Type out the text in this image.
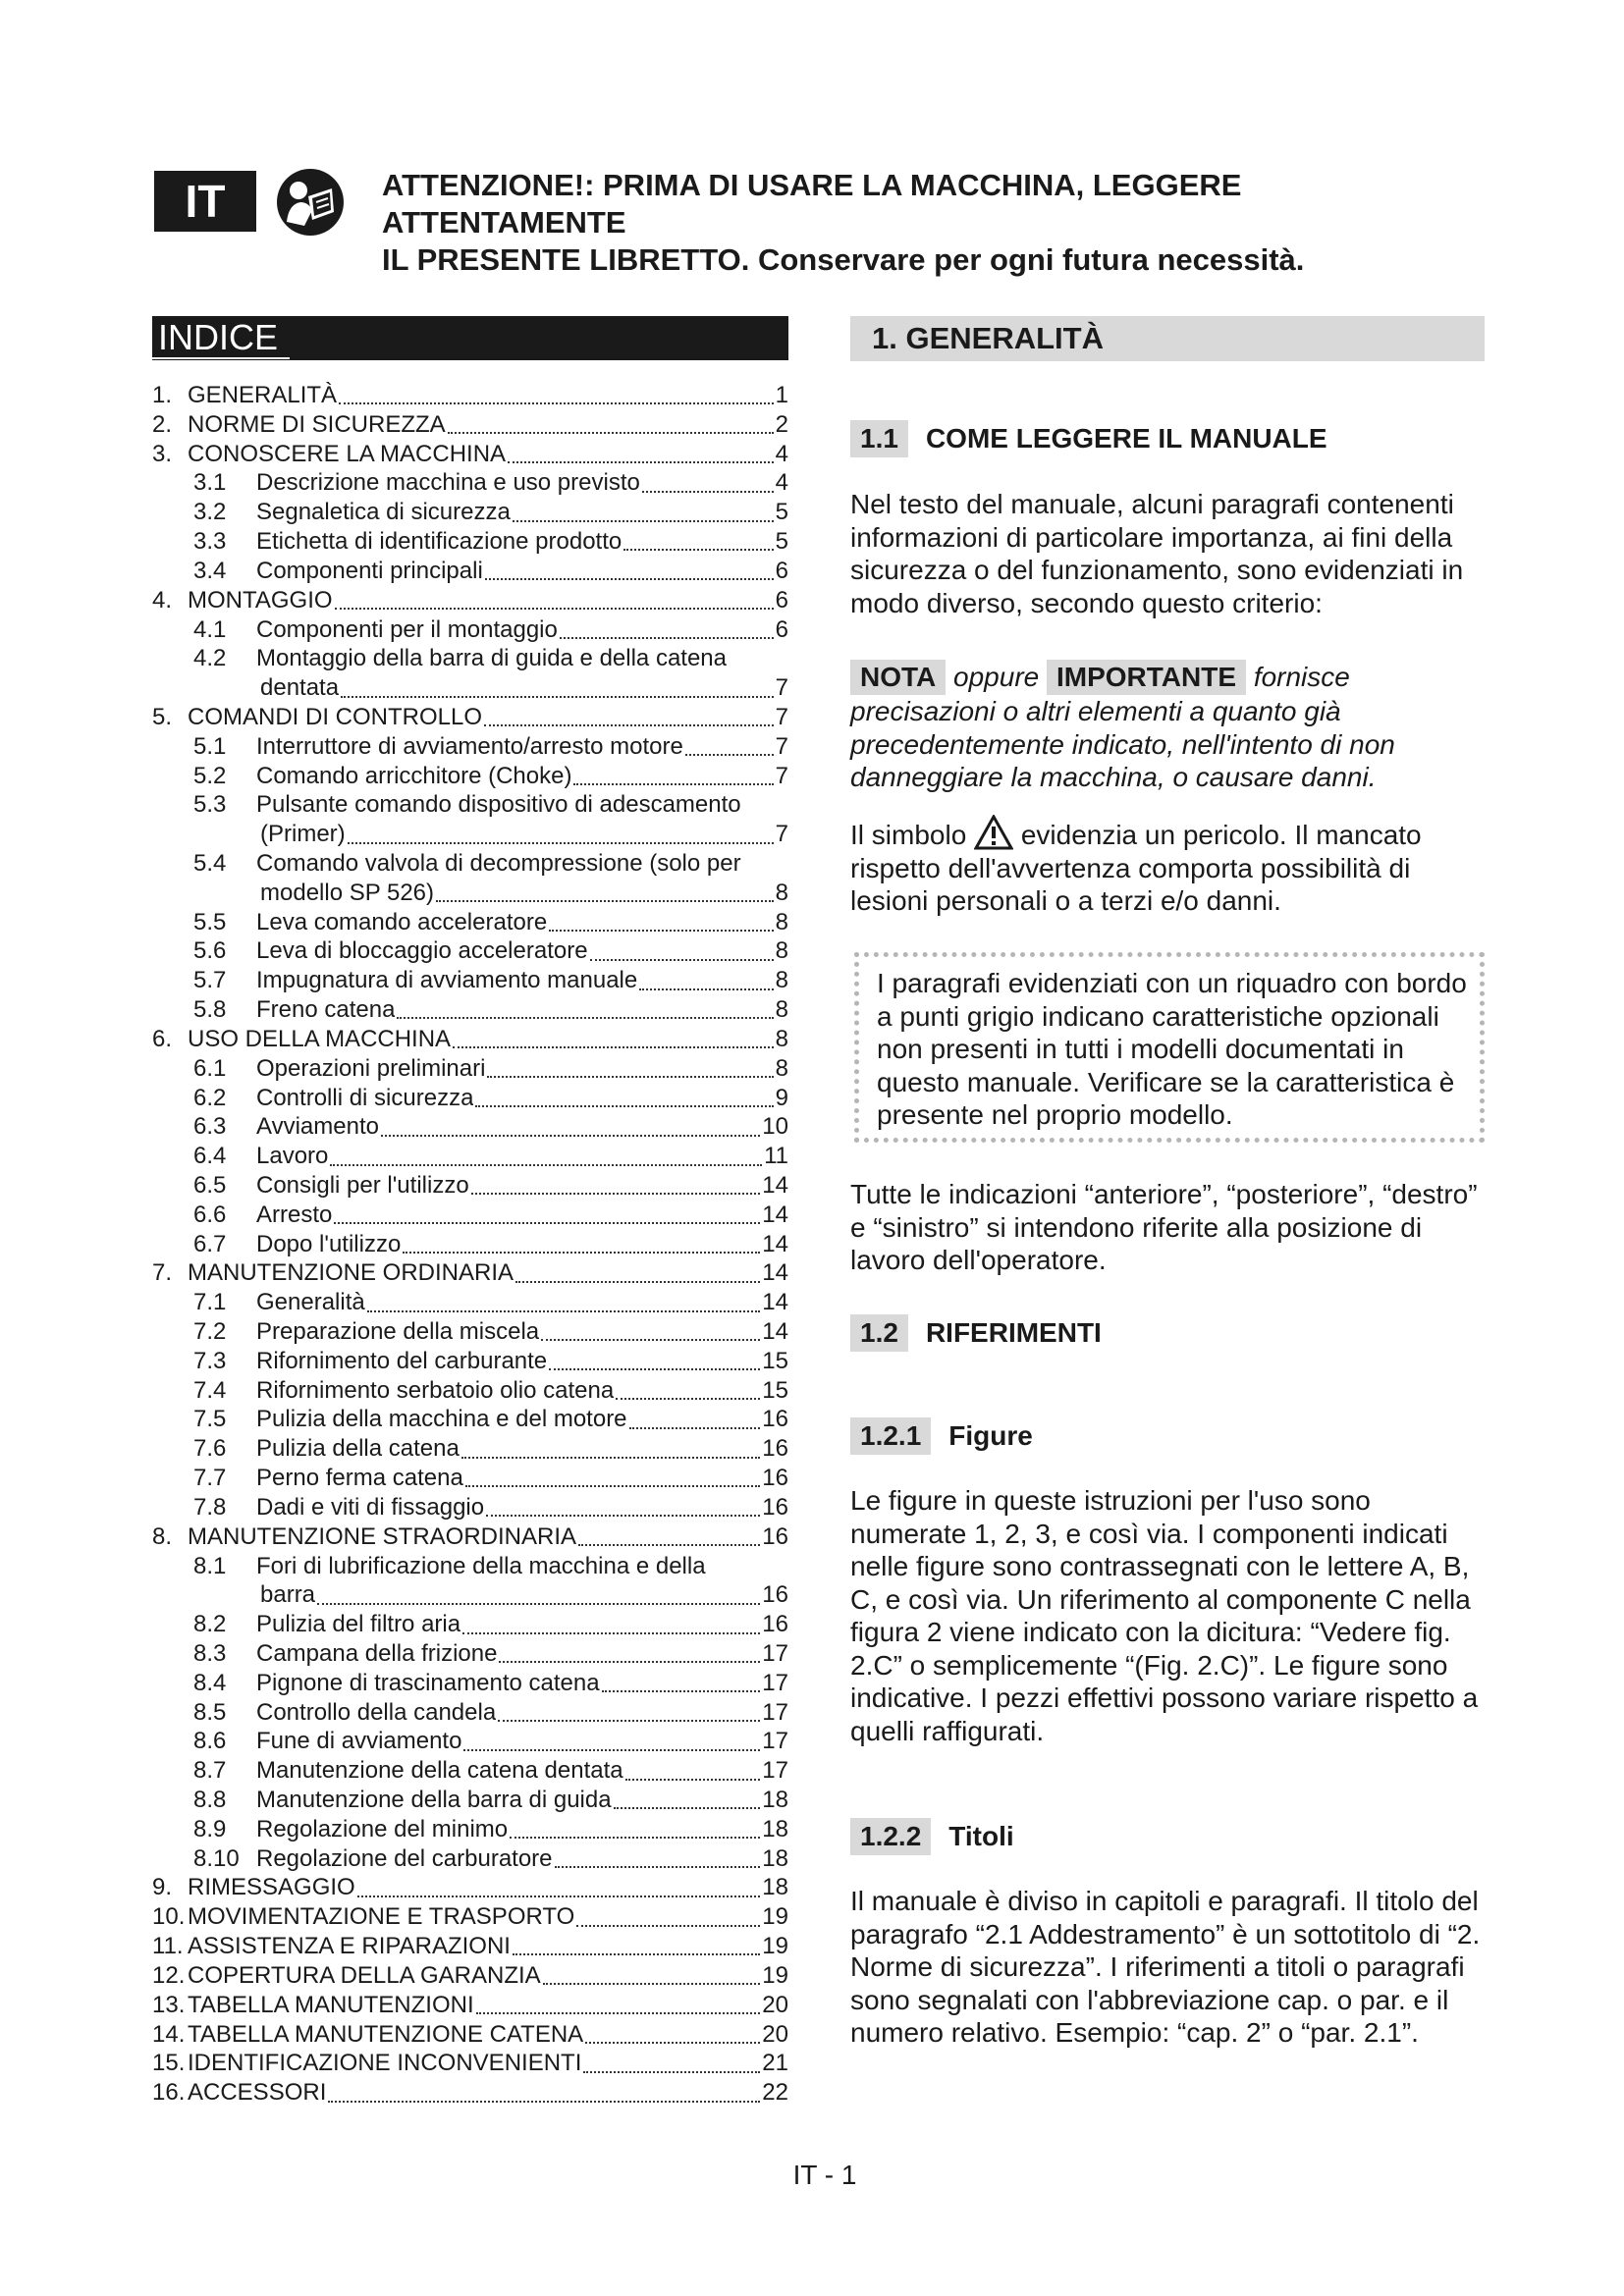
IT	ATTENZIONE!: PRIMA DI USARE LA MACCHINA, LEGGERE ATTENTAMENTE
IL PRESENTE LIBRETTO. Conservare per ogni futura necessità.
INDICE
1. GENERALITÀ	1
2. NORME DI SICUREZZA	2
3. CONOSCERE LA MACCHINA	4
3.1	Descrizione macchina e uso previsto	4
3.2	Segnaletica di sicurezza	5
3.3	Etichetta di identificazione prodotto	5
3.4	Componenti principali	6
4. MONTAGGIO	6
4.1	Componenti per il montaggio	6
4.2	Montaggio della barra di guida e della catena
dentata	7
5. COMANDI DI CONTROLLO	7
5.1	Interruttore di avviamento/arresto motore	7
5.2	Comando arricchitore (Choke)	7
5.3	Pulsante comando dispositivo di adescamento
(Primer)	7
5.4	Comando valvola di decompressione (solo per
modello SP 526)	8
5.5	Leva comando acceleratore	8
5.6	Leva di bloccaggio acceleratore	8
5.7	Impugnatura di avviamento manuale	8
5.8	Freno catena	8
6. USO DELLA MACCHINA	8
6.1	Operazioni preliminari	8
6.2	Controlli di sicurezza	9
6.3	Avviamento	10
6.4	Lavoro	11
6.5	Consigli per l'utilizzo	14
6.6	Arresto	14
6.7	Dopo l'utilizzo	14
7. MANUTENZIONE ORDINARIA	14
7.1	Generalità	14
7.2	Preparazione della miscela	14
7.3	Rifornimento del carburante	15
7.4	Rifornimento serbatoio olio catena	15
7.5	Pulizia della macchina e del motore	16
7.6	Pulizia della catena	16
7.7	Perno ferma catena	16
7.8	Dadi e viti di fissaggio	16
8. MANUTENZIONE STRAORDINARIA	16
8.1	Fori di lubrificazione della macchina e della
barra	16
8.2	Pulizia del filtro aria	16
8.3	Campana della frizione	17
8.4	Pignone di trascinamento catena	17
8.5	Controllo della candela	17
8.6	Fune di avviamento	17
8.7	Manutenzione della catena dentata	17
8.8	Manutenzione della barra di guida	18
8.9	Regolazione del minimo	18
8.10 Regolazione del carburatore	18
9. RIMESSAGGIO	18
10. MOVIMENTAZIONE E TRASPORTO	19
11. ASSISTENZA E RIPARAZIONI	19
12. COPERTURA DELLA GARANZIA	19
13. TABELLA MANUTENZIONI	20
14. TABELLA MANUTENZIONE CATENA	20
15. IDENTIFICAZIONE INCONVENIENTI	21
16. ACCESSORI	22
1. GENERALITÀ
1.1	COME LEGGERE IL MANUALE

Nel testo del manuale, alcuni paragrafi contenenti informazioni di particolare importanza, ai fini della sicurezza o del funzionamento, sono evidenziati in modo diverso, secondo questo criterio:

NOTA oppure IMPORTANTE fornisce precisazioni o altri elementi a quanto già precedentemente indicato, nell'intento di non danneggiare la macchina, o causare danni.
Il simbolo evidenzia un pericolo. Il mancato rispetto dell'avvertenza comporta possibilità di lesioni personali o a terzi e/o danni.
I paragrafi evidenziati con un riquadro con bordo a punti grigio indicano caratteristiche opzionali non presenti in tutti i modelli documentati in questo manuale. Verificare se la caratteristica è presente nel proprio modello.

Tutte le indicazioni “anteriore”, “posteriore”, “destro” e “sinistro” si intendono riferite alla posizione di lavoro dell'operatore.

1.2	RIFERIMENTI
1.2.1	Figure

Le figure in queste istruzioni per l'uso sono numerate 1, 2, 3, e così via. I componenti indicati nelle figure sono contrassegnati con le lettere A, B, C, e così via. Un riferimento al componente C nella figura 2 viene indicato con la dicitura: “Vedere fig. 2.C” o semplicemente “(Fig. 2.C)”. Le figure sono indicative. I pezzi effettivi possono variare rispetto a quelli raffigurati.

1.2.2	Titoli

Il manuale è diviso in capitoli e paragrafi. Il titolo del paragrafo “2.1 Addestramento” è un sottotitolo di “2. Norme di sicurezza”. I riferimenti a titoli o paragrafi sono segnalati con l'abbreviazione cap. o par. e il numero relativo. Esempio: “cap. 2” o “par. 2.1”.

IT - 1
